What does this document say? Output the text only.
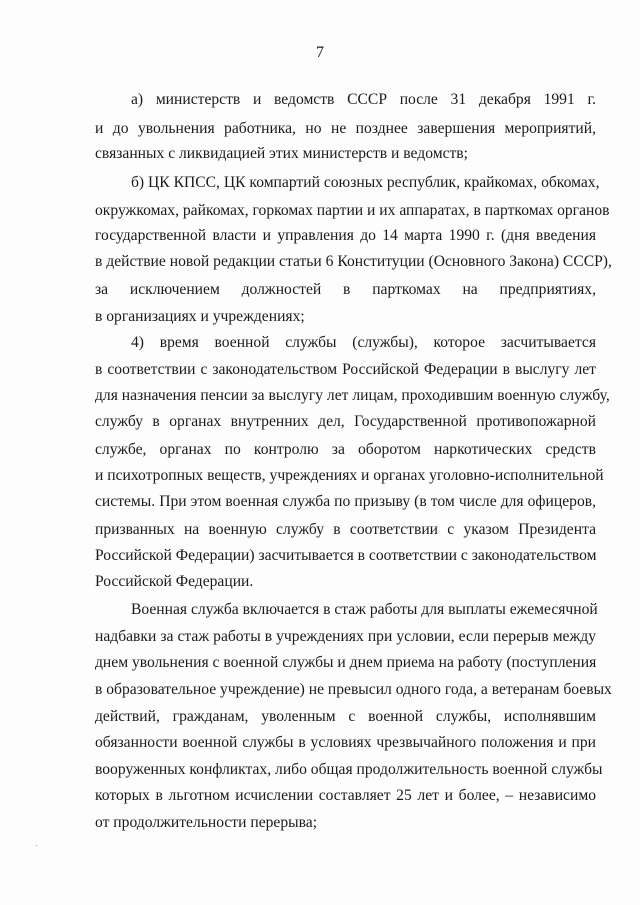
7
а) министерств и ведомств СССР после 31 декабря 1991 г.
и до увольнения работника, но не позднее завершения мероприятий,
связанных с ликвидацией этих министерств и ведомств;
б) ЦК КПСС, ЦК компартий союзных республик, крайкомах, обкомах,
окружкомах, райкомах, горкомах партии и их аппаратах, в парткомах органов
государственной власти и управления до 14 марта 1990 г. (дня введения
в действие новой редакции статьи 6 Конституции (Основного Закона) СССР),
за исключением должностей в парткомах на предприятиях,
в организациях и учреждениях;
4) время военной службы (службы), которое засчитывается
в соответствии с законодательством Российской Федерации в выслугу лет
для назначения пенсии за выслугу лет лицам, проходившим военную службу,
службу в органах внутренних дел, Государственной противопожарной
службе, органах по контролю за оборотом наркотических средств
и психотропных веществ, учреждениях и органах уголовно-исполнительной
системы. При этом военная служба по призыву (в том числе для офицеров,
призванных на военную службу в соответствии с указом Президента
Российской Федерации) засчитывается в соответствии с законодательством
Российской Федерации.
Военная служба включается в стаж работы для выплаты ежемесячной
надбавки за стаж работы в учреждениях при условии, если перерыв между
днем увольнения с военной службы и днем приема на работу (поступления
в образовательное учреждение) не превысил одного года, а ветеранам боевых
действий, гражданам, уволенным с военной службы, исполнявшим
обязанности военной службы в условиях чрезвычайного положения и при
вооруженных конфликтах, либо общая продолжительность военной службы
которых в льготном исчислении составляет 25 лет и более, – независимо
от продолжительности перерыва;
